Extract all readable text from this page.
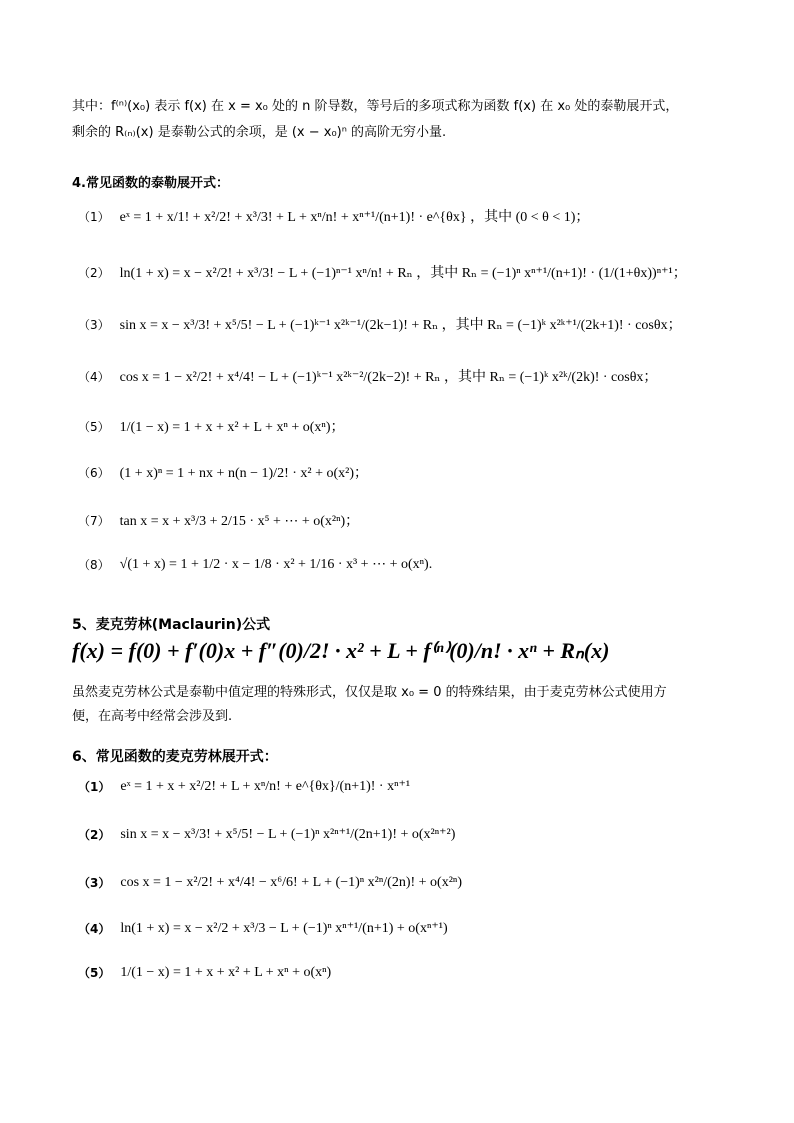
其中：f⁽ⁿ⁾(x₀) 表示 f(x) 在 x = x₀ 处的 n 阶导数，等号后的多项式称为函数 f(x) 在 x₀ 处的泰勒展开式，
剩余的 R₍ₙ₎(x) 是泰勒公式的余项，是 (x − x₀)ⁿ 的高阶无穷小量.
4.常见函数的泰勒展开式：
（1） eˣ = 1 + x/1! + x²/2! + x³/3! + L + xⁿ/n! + xⁿ⁺¹/(n+1)! · e^{θx} ，其中 (0 < θ < 1)；
（2） ln(1 + x) = x − x²/2! + x³/3! − L + (−1)ⁿ⁻¹ xⁿ/n! + Rₙ ，其中 Rₙ = (−1)ⁿ xⁿ⁺¹/(n+1)! · (1/(1+θx))ⁿ⁺¹；
（3） sin x = x − x³/3! + x⁵/5! − L + (−1)ᵏ⁻¹ x²ᵏ⁻¹/(2k−1)! + Rₙ ，其中 Rₙ = (−1)ᵏ x²ᵏ⁺¹/(2k+1)! · cosθx；
（4） cos x = 1 − x²/2! + x⁴/4! − L + (−1)ᵏ⁻¹ x²ᵏ⁻²/(2k−2)! + Rₙ ，其中 Rₙ = (−1)ᵏ x²ᵏ/(2k)! · cosθx；
（5） 1/(1 − x) = 1 + x + x² + L + xⁿ + o(xⁿ)；
（6） (1 + x)ⁿ = 1 + nx + n(n − 1)/2! · x² + o(x²)；
（7） tan x = x + x³/3 + 2/15 · x⁵ + ⋯ + o(x²ⁿ)；
（8） √(1 + x) = 1 + 1/2 · x − 1/8 · x² + 1/16 · x³ + ⋯ + o(xⁿ).
5、麦克劳林(Maclaurin)公式
f(x) = f(0) + f′(0)x + f″(0)/2! · x² + L + f⁽ⁿ⁾(0)/n! · xⁿ + Rₙ(x)
虽然麦克劳林公式是泰勒中值定理的特殊形式，仅仅是取 x₀ = 0 的特殊结果，由于麦克劳林公式使用方
便，在高考中经常会涉及到.
6、常见函数的麦克劳林展开式：
（1） eˣ = 1 + x + x²/2! + L + xⁿ/n! + e^{θx}/(n+1)! · xⁿ⁺¹
（2） sin x = x − x³/3! + x⁵/5! − L + (−1)ⁿ x²ⁿ⁺¹/(2n+1)! + o(x²ⁿ⁺²)
（3） cos x = 1 − x²/2! + x⁴/4! − x⁶/6! + L + (−1)ⁿ x²ⁿ/(2n)! + o(x²ⁿ)
（4） ln(1 + x) = x − x²/2 + x³/3 − L + (−1)ⁿ xⁿ⁺¹/(n+1) + o(xⁿ⁺¹)
（5） 1/(1 − x) = 1 + x + x² + L + xⁿ + o(xⁿ)
